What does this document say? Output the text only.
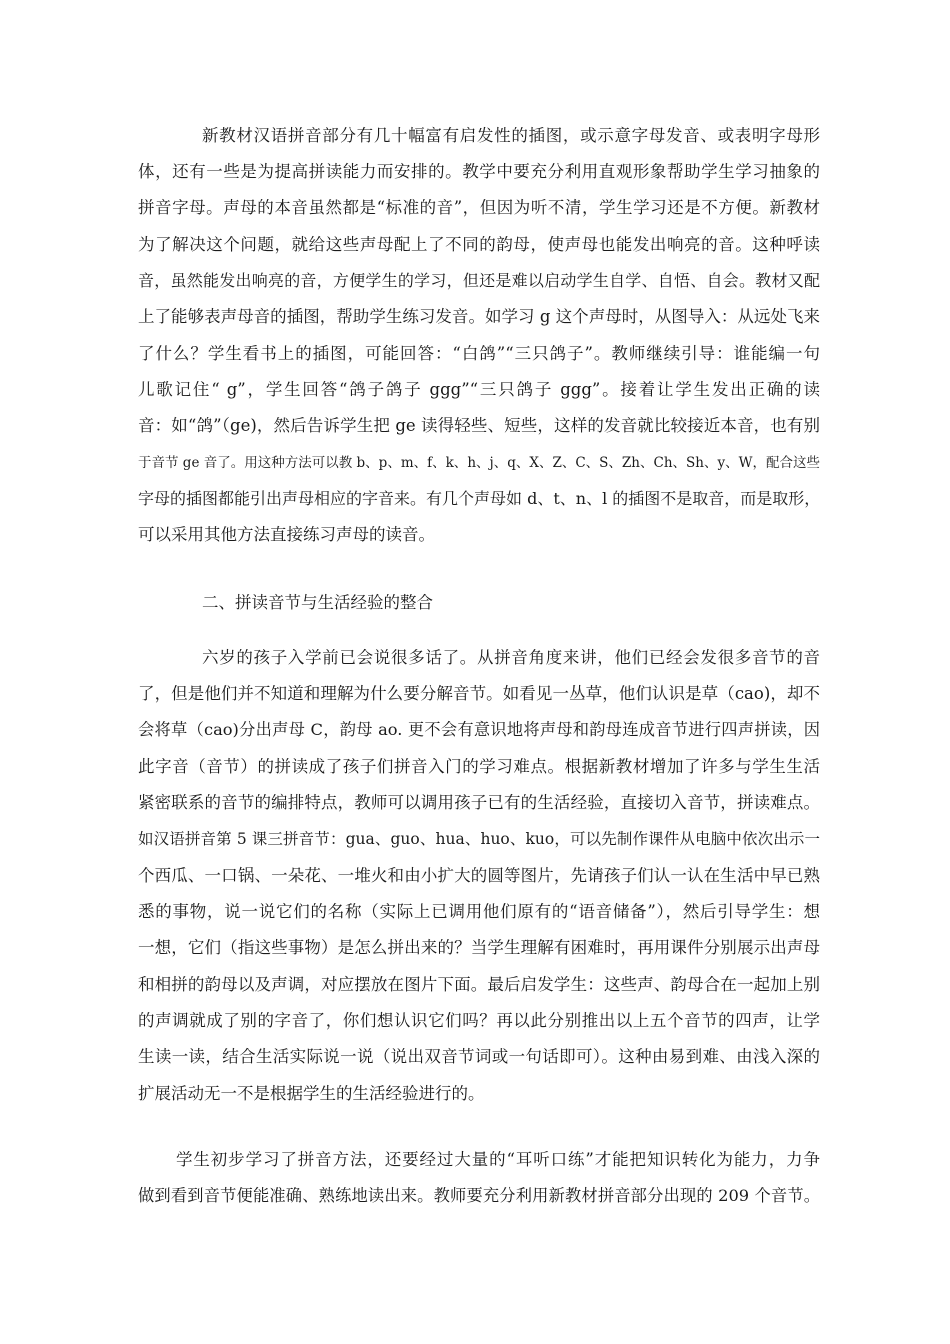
新教材汉语拼音部分有几十幅富有启发性的插图，或示意字母发音、或表明字母形
体，还有一些是为提高拼读能力而安排的。教学中要充分利用直观形象帮助学生学习抽象的
拼音字母。声母的本音虽然都是“标准的音”，但因为听不清，学生学习还是不方便。新教材
为了解决这个问题，就给这些声母配上了不同的韵母，使声母也能发出响亮的音。这种呼读
音，虽然能发出响亮的音，方便学生的学习，但还是难以启动学生自学、自悟、自会。教材又配
上了能够表声母音的插图，帮助学生练习发音。如学习 g 这个声母时，从图导入：从远处飞来
了什么？学生看书上的插图，可能回答：“白鸽”“三只鸽子”。教师继续引导：谁能编一句
儿歌记住“ g”，学生回答“鸽子鸽子 ggg”“三只鸽子 ggg”。接着让学生发出正确的读
音：如“鸽”（ge)，然后告诉学生把 ge 读得轻些、短些，这样的发音就比较接近本音，也有别
于音节 ge 音了。用这种方法可以教 b、p、m、f、k、h、j、q、X、Z、C、S、Zh、Ch、Sh、y、W，配合这些
字母的插图都能引出声母相应的字音来。有几个声母如 d、t、n、l 的插图不是取音，而是取形，
可以采用其他方法直接练习声母的读音。
二、拼读音节与生活经验的整合
六岁的孩子入学前已会说很多话了。从拼音角度来讲，他们已经会发很多音节的音
了，但是他们并不知道和理解为什么要分解音节。如看见一丛草，他们认识是草（cao)，却不
会将草（cao)分出声母 C，韵母 ao. 更不会有意识地将声母和韵母连成音节进行四声拼读，因
此字音（音节）的拼读成了孩子们拼音入门的学习难点。根据新教材增加了许多与学生生活
紧密联系的音节的编排特点，教师可以调用孩子已有的生活经验，直接切入音节，拼读难点。
如汉语拼音第 5 课三拼音节：gua、guo、hua、huo、kuo，可以先制作课件从电脑中依次出示一
个西瓜、一口锅、一朵花、一堆火和由小扩大的圆等图片，先请孩子们认一认在生活中早已熟
悉的事物，说一说它们的名称（实际上已调用他们原有的“语音储备”），然后引导学生：想
一想，它们（指这些事物）是怎么拼出来的？当学生理解有困难时，再用课件分别展示出声母
和相拼的韵母以及声调，对应摆放在图片下面。最后启发学生：这些声、韵母合在一起加上别
的声调就成了别的字音了，你们想认识它们吗？再以此分别推出以上五个音节的四声，让学
生读一读，结合生活实际说一说（说出双音节词或一句话即可）。这种由易到难、由浅入深的
扩展活动无一不是根据学生的生活经验进行的。
学生初步学习了拼音方法，还要经过大量的“耳听口练”才能把知识转化为能力，力争
做到看到音节便能准确、熟练地读出来。教师要充分利用新教材拼音部分出现的 209 个音节。
